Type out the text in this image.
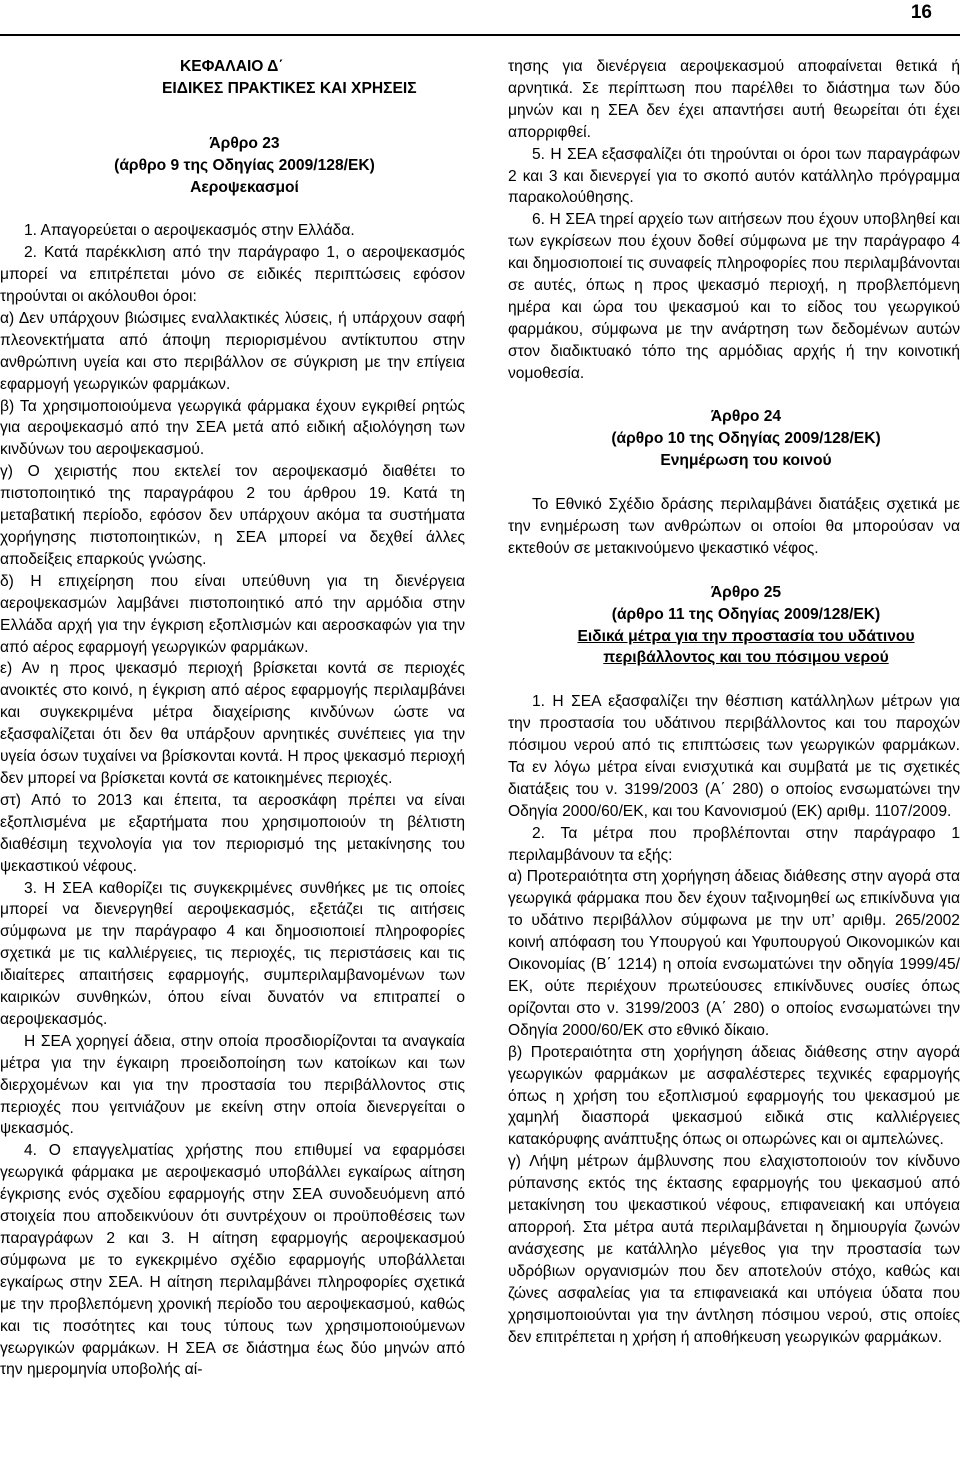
16
ΚΕΦΑΛΑΙΟ Δ΄
ΕΙΔΙΚΕΣ ΠΡΑΚΤΙΚΕΣ ΚΑΙ ΧΡΗΣΕΙΣ

Άρθρο 23

(άρθρο 9 της Οδηγίας 2009/128/ΕΚ)

Αεροψεκασμοί

1. Απαγορεύεται ο αεροψεκασμός στην Ελλάδα.

2. Κατά παρέκκλιση από την παράγραφο 1, ο αεροψεκασμός μπορεί να επιτρέπεται μόνο σε ειδικές περιπτώσεις εφόσον τηρούνται οι ακόλουθοι όροι:

α) Δεν υπάρχουν βιώσιμες εναλλακτικές λύσεις, ή υπάρχουν σαφή πλεονεκτήματα από άποψη περιορισμένου αντίκτυπου στην ανθρώπινη υγεία και στο περιβάλλον σε σύγκριση με την επίγεια εφαρμογή γεωργικών φαρμάκων.

β) Τα χρησιμοποιούμενα γεωργικά φάρμακα έχουν εγκριθεί ρητώς για αεροψεκασμό από την ΣΕΑ μετά από ειδική αξιολόγηση των κινδύνων του αεροψεκασμού.

γ) Ο χειριστής που εκτελεί τον αεροψεκασμό διαθέτει το πιστοποιητικό της παραγράφου 2 του άρθρου 19. Κατά τη μεταβατική περίοδο, εφόσον δεν υπάρχουν ακόμα τα συστήματα χορήγησης πιστοποιητικών, η ΣΕΑ μπορεί να δεχθεί άλλες αποδείξεις επαρκούς γνώσης.

δ) Η επιχείρηση που είναι υπεύθυνη για τη διενέργεια αεροψεκασμών λαμβάνει πιστοποιητικό από την αρμόδια στην Ελλάδα αρχή για την έγκριση εξοπλισμών και αεροσκαφών για την από αέρος εφαρμογή γεωργικών φαρμάκων.

ε) Αν η προς ψεκασμό περιοχή βρίσκεται κοντά σε περιοχές ανοικτές στο κοινό, η έγκριση από αέρος εφαρμογής περιλαμβάνει και συγκεκριμένα μέτρα διαχείρισης κινδύνων ώστε να εξασφαλίζεται ότι δεν θα υπάρξουν αρνητικές συνέπειες για την υγεία όσων τυχαίνει να βρίσκονται κοντά. Η προς ψεκασμό περιοχή δεν μπορεί να βρίσκεται κοντά σε κατοικημένες περιοχές.

στ) Από το 2013 και έπειτα, τα αεροσκάφη πρέπει να είναι εξοπλισμένα με εξαρτήματα που χρησιμοποιούν τη βέλτιστη διαθέσιμη τεχνολογία για τον περιορισμό της μετακίνησης του ψεκαστικού νέφους.

3. Η ΣΕΑ καθορίζει τις συγκεκριμένες συνθήκες με τις οποίες μπορεί να διενεργηθεί αεροψεκασμός, εξετάζει τις αιτήσεις σύμφωνα με την παράγραφο 4 και δημοσιοποιεί πληροφορίες σχετικά με τις καλλιέργειες, τις περιοχές, τις περιστάσεις και τις ιδιαίτερες απαιτήσεις εφαρμογής, συμπεριλαμβανομένων των καιρικών συνθηκών, όπου είναι δυνατόν να επιτραπεί ο αεροψεκασμός.

Η ΣΕΑ χορηγεί άδεια, στην οποία προσδιορίζονται τα αναγκαία μέτρα για την έγκαιρη προειδοποίηση των κατοίκων και των διερχομένων και για την προστασία του περιβάλλοντος στις περιοχές που γειτνιάζουν με εκείνη στην οποία διενεργείται ο ψεκασμός.

4. Ο επαγγελματίας χρήστης που επιθυμεί να εφαρμόσει γεωργικά φάρμακα με αεροψεκασμό υποβάλλει εγκαίρως αίτηση έγκρισης ενός σχεδίου εφαρμογής στην ΣΕΑ συνοδευόμενη από στοιχεία που αποδεικνύουν ότι συντρέχουν οι προϋποθέσεις των παραγράφων 2 και 3. Η αίτηση εφαρμογής αεροψεκασμού σύμφωνα με το εγκεκριμένο σχέδιο εφαρμογής υποβάλλεται εγκαίρως στην ΣΕΑ. Η αίτηση περιλαμβάνει πληροφορίες σχετικά με την προβλεπόμενη χρονική περίοδο του αεροψεκασμού, καθώς και τις ποσότητες και τους τύπους των χρησιμοποιούμενων γεωργικών φαρμάκων. Η ΣΕΑ σε διάστημα έως δύο μηνών από την ημερομηνία υποβολής αί-

τησης για διενέργεια αεροψεκασμού αποφαίνεται θετικά ή αρνητικά. Σε περίπτωση που παρέλθει το διάστημα των δύο μηνών και η ΣΕΑ δεν έχει απαντήσει αυτή θεωρείται ότι έχει απορριφθεί.

5. Η ΣΕΑ εξασφαλίζει ότι τηρούνται οι όροι των παραγράφων 2 και 3 και διενεργεί για το σκοπό αυτόν κατάλληλο πρόγραμμα παρακολούθησης.

6. Η ΣΕΑ τηρεί αρχείο των αιτήσεων που έχουν υποβληθεί και των εγκρίσεων που έχουν δοθεί σύμφωνα με την παράγραφο 4 και δημοσιοποιεί τις συναφείς πληροφορίες που περιλαμβάνονται σε αυτές, όπως η προς ψεκασμό περιοχή, η προβλεπόμενη ημέρα και ώρα του ψεκασμού και το είδος του γεωργικού φαρμάκου, σύμφωνα με την ανάρτηση των δεδομένων αυτών στον διαδικτυακό τόπο της αρμόδιας αρχής ή την κοινοτική νομοθεσία.

Άρθρο 24

(άρθρο 10 της Οδηγίας 2009/128/ΕΚ)

Ενημέρωση του κοινού

Το Εθνικό Σχέδιο δράσης περιλαμβάνει διατάξεις σχετικά με την ενημέρωση των ανθρώπων οι οποίοι θα μπορούσαν να εκτεθούν σε μετακινούμενο ψεκαστικό νέφος.

Άρθρο 25

(άρθρο 11 της Οδηγίας 2009/128/ΕΚ)

Ειδικά μέτρα για την προστασία του υδάτινου

περιβάλλοντος και του πόσιμου νερού

1. Η ΣΕΑ εξασφαλίζει την θέσπιση κατάλληλων μέτρων για την προστασία του υδάτινου περιβάλλοντος και του παροχών πόσιμου νερού από τις επιπτώσεις των γεωργικών φαρμάκων. Τα εν λόγω μέτρα είναι ενισχυτικά και συμβατά με τις σχετικές διατάξεις του ν. 3199/2003 (Α΄ 280) ο οποίος ενσωματώνει την Οδηγία 2000/60/ΕΚ, και του Κανονισμού (ΕΚ) αριθμ. 1107/2009.

2. Τα μέτρα που προβλέπονται στην παράγραφο 1 περιλαμβάνουν τα εξής:

α) Προτεραιότητα στη χορήγηση άδειας διάθεσης στην αγορά στα γεωργικά φάρμακα που δεν έχουν ταξινομηθεί ως επικίνδυνα για το υδάτινο περιβάλλον σύμφωνα με την υπ’ αριθμ. 265/2002 κοινή απόφαση του Υπουργού και Υφυπουργού Οικονομικών και Οικονομίας (Β΄ 1214) η οποία ενσωματώνει την οδηγία 1999/45/ΕΚ, ούτε περιέχουν πρωτεύουσες επικίνδυνες ουσίες όπως ορίζονται στο ν. 3199/2003 (Α΄ 280) ο οποίος ενσωματώνει την Οδηγία 2000/60/ΕΚ στο εθνικό δίκαιο.

β) Προτεραιότητα στη χορήγηση άδειας διάθεσης στην αγορά γεωργικών φαρμάκων με ασφαλέστερες τεχνικές εφαρμογής όπως η χρήση του εξοπλισμού εφαρμογής του ψεκασμού με χαμηλή διασπορά ψεκασμού ειδικά στις καλλιέργειες κατακόρυφης ανάπτυξης όπως οι οπωρώνες και οι αμπελώνες.

γ) Λήψη μέτρων άμβλυνσης που ελαχιστοποιούν τον κίνδυνο ρύπανσης εκτός της έκτασης εφαρμογής του ψεκασμού από μετακίνηση του ψεκαστικού νέφους, επιφανειακή και υπόγεια απορροή. Στα μέτρα αυτά περιλαμβάνεται η δημιουργία ζωνών ανάσχεσης με κατάλληλο μέγεθος για την προστασία των υδρόβιων οργανισμών που δεν αποτελούν στόχο, καθώς και ζώνες ασφαλείας για τα επιφανειακά και υπόγεια ύδατα που χρησιμοποιούνται για την άντληση πόσιμου νερού, στις οποίες δεν επιτρέπεται η χρήση ή αποθήκευση γεωργικών φαρμάκων.
